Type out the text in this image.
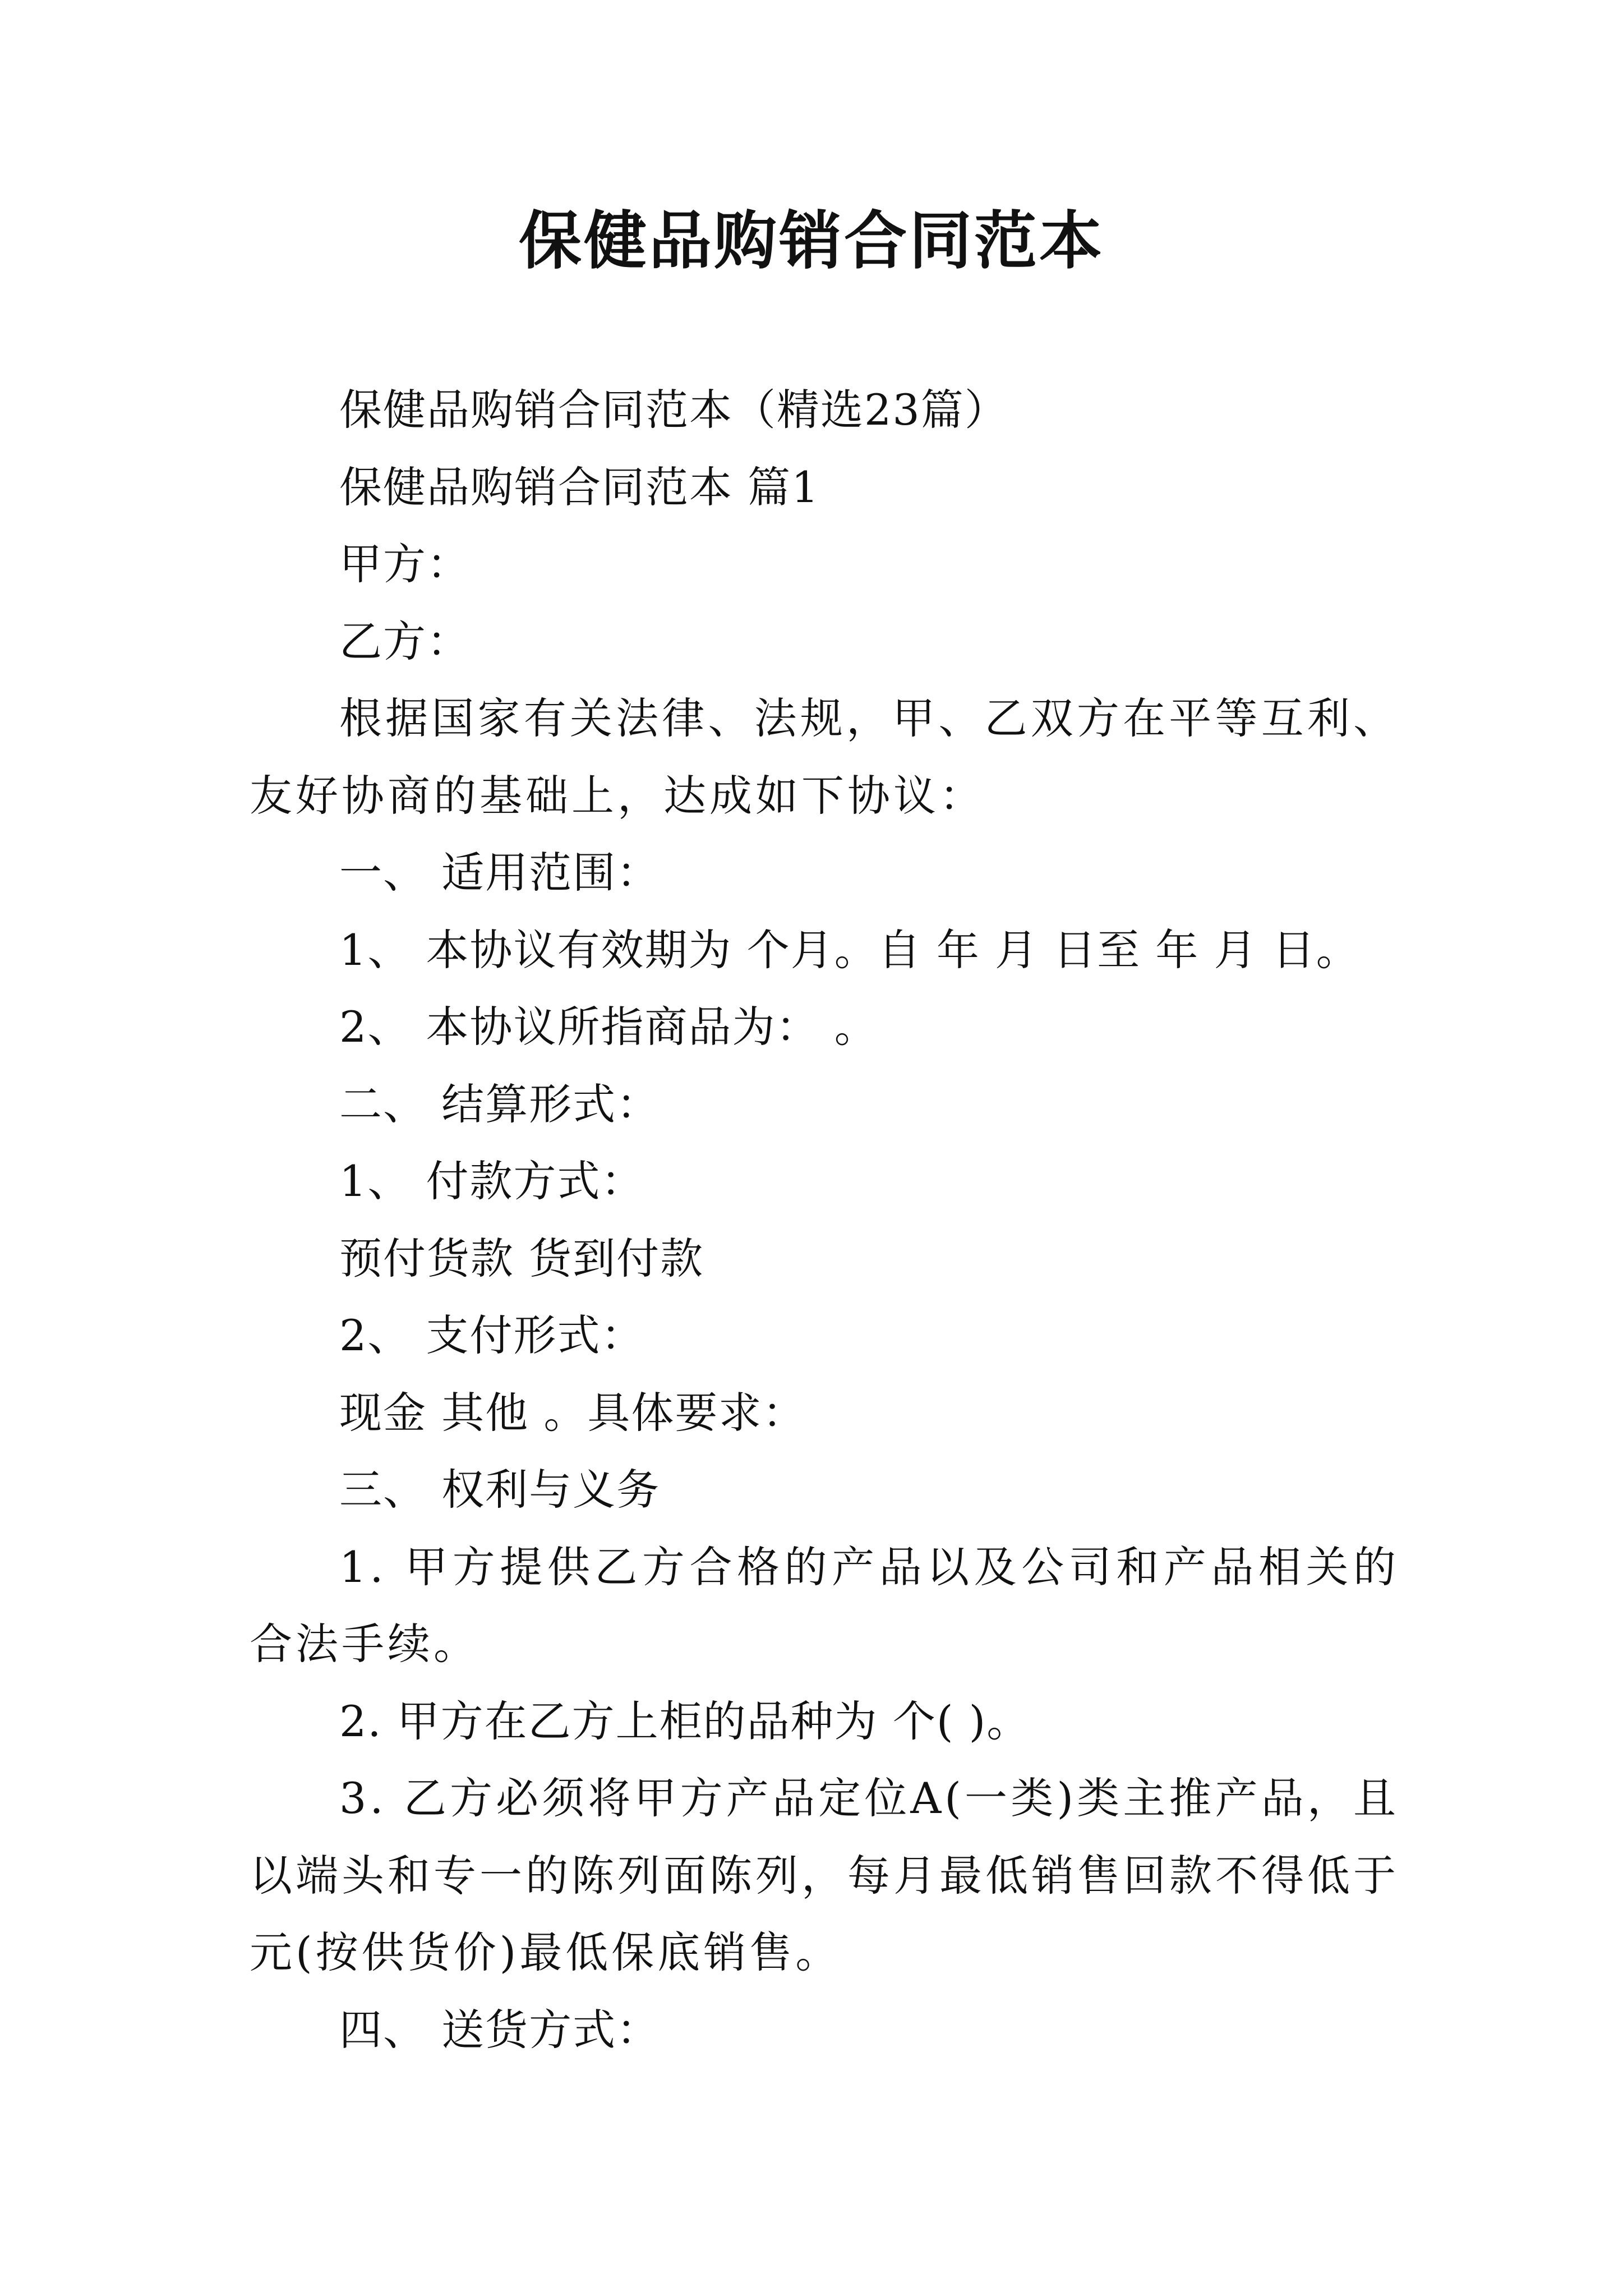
保健品购销合同范本

保健品购销合同范本（精选23篇）

保健品购销合同范本 篇1

甲方：

乙方：

根据国家有关法律、法规，甲、乙双方在平等互利、友好协商的基础上，达成如下协议：

一、 适用范围：

1、 本协议有效期为 个月。自 年 月 日至 年 月 日。

2、 本协议所指商品为： 。

二、 结算形式：

1、 付款方式：

预付货款 货到付款

2、 支付形式：

现金 其他 。具体要求：

三、 权利与义务

1. 甲方提供乙方合格的产品以及公司和产品相关的合法手续。

2. 甲方在乙方上柜的品种为 个( )。

3. 乙方必须将甲方产品定位A(一类)类主推产品，且以端头和专一的陈列面陈列，每月最低销售回款不得低于 元(按供货价)最低保底销售。

四、 送货方式：
